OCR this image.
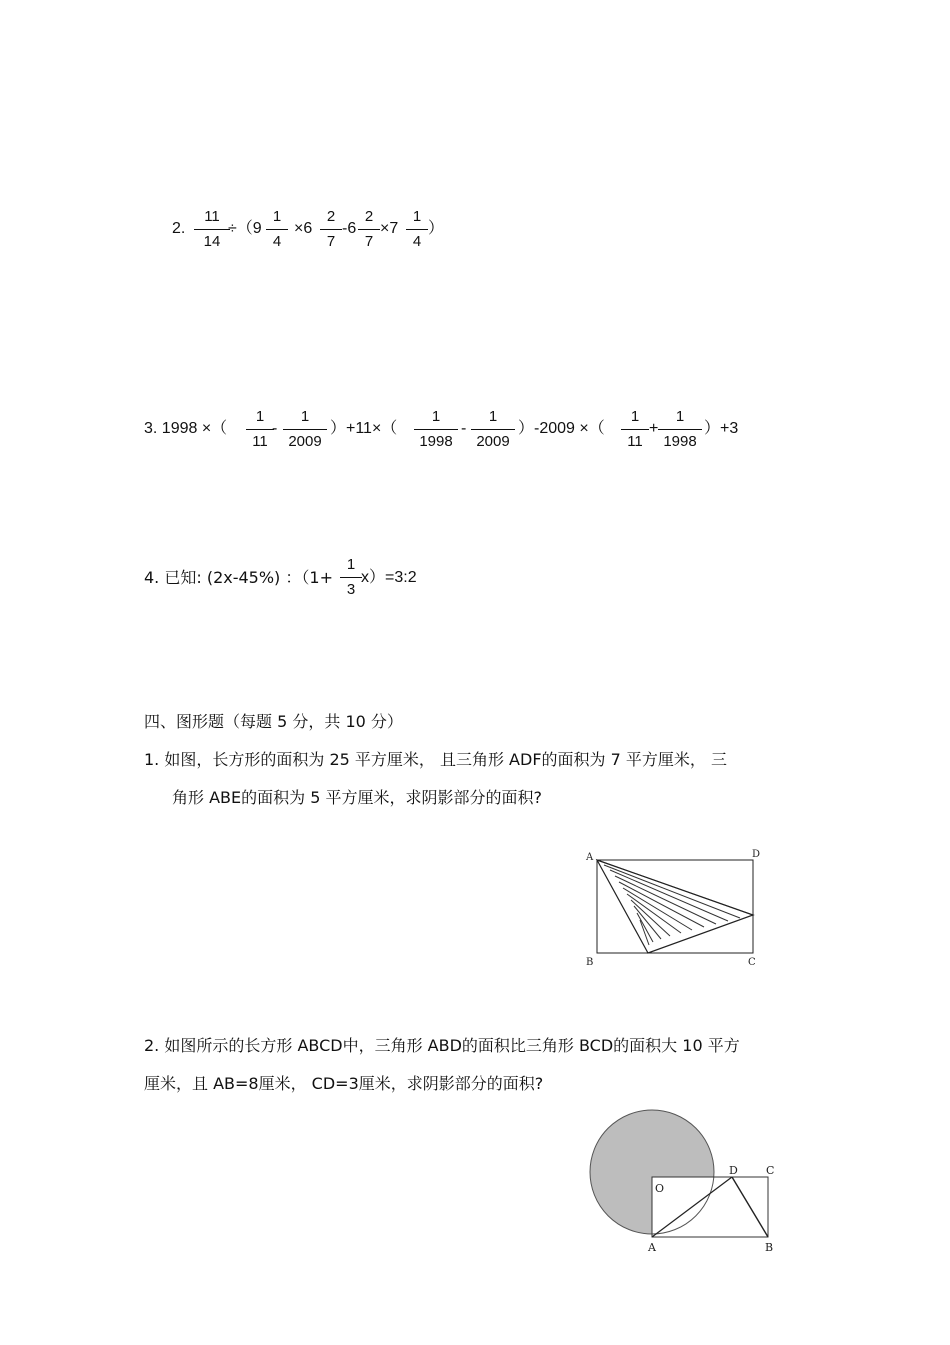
2.
11
14
÷（9
1
4
×6
2
7
-6
2
7
×7
1
4
）
3. 1998 ×（
1
11
-
1
2009
）+11×（
1
1998
-
1
2009
）-2009 ×（
1
11
+
1
1998
）+3
4. 已知: (2x-45%) ：（1+
1
3
x）=3:2
四、图形题（每题 5 分，共 10 分）
1. 如图，长方形的面积为 25 平方厘米， 且三角形 ADF的面积为 7 平方厘米， 三
角形 ABE的面积为 5 平方厘米，求阴影部分的面积?
2. 如图所示的长方形 ABCD中，三角形 ABD的面积比三角形 BCD的面积大 10 平方
厘米，且 AB=8厘米， CD=3厘米，求阴影部分的面积?
A	D
B	C
O
D	C
A	B
